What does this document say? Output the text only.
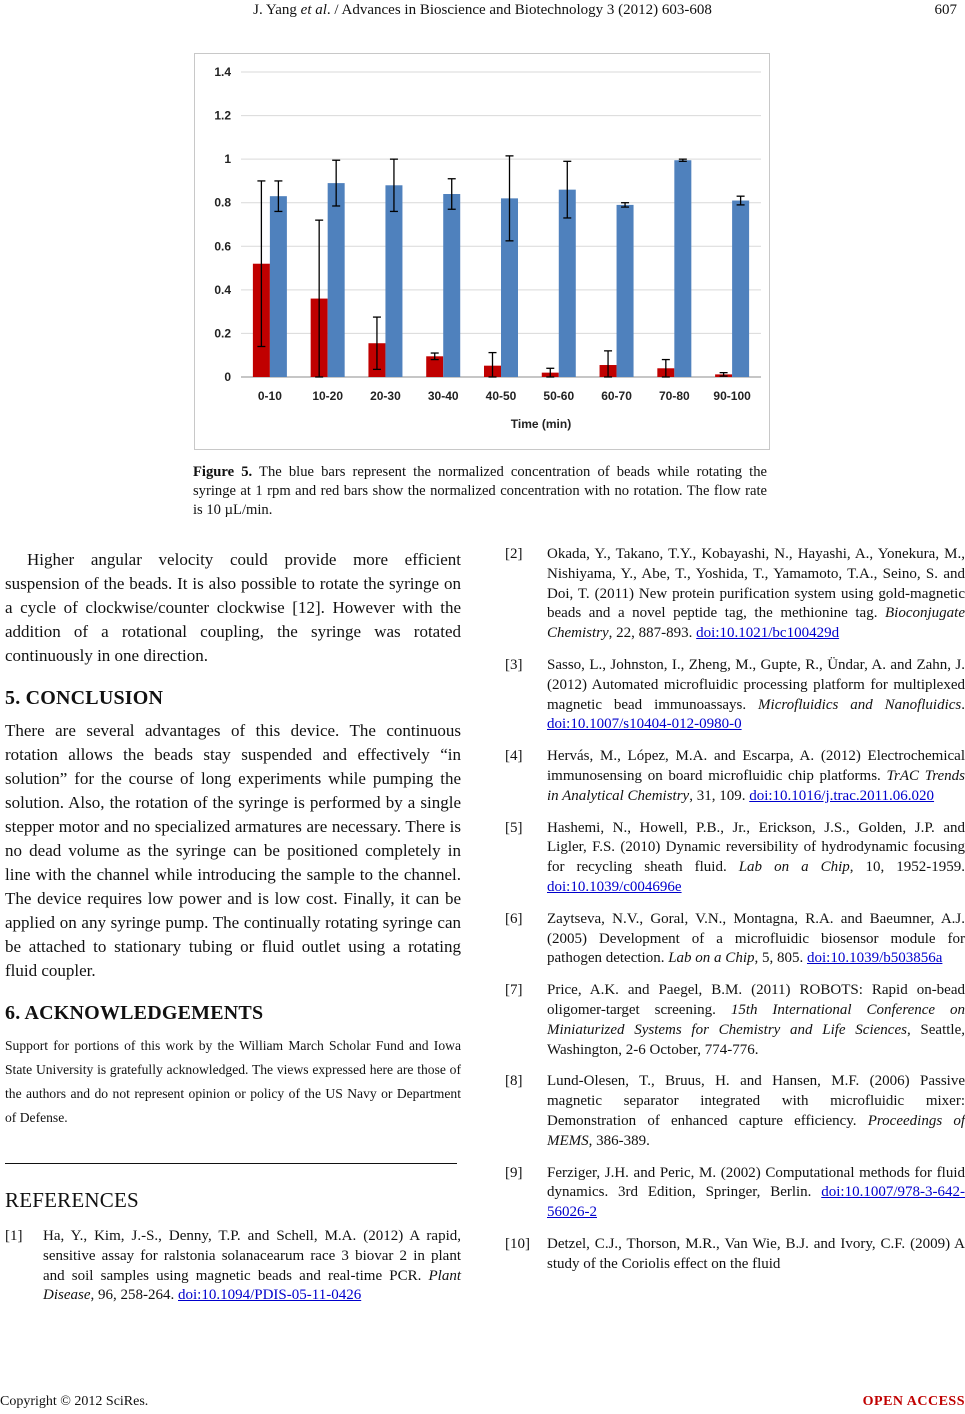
J. Yang et al. / Advances in Bioscience and Biotechnology 3 (2012) 603-608	607
0
0.2
0.4
0.6
0.8
1
1.2
1.4
0-10	10-20 20-30 30-40 40-50 50-60 60-70 70-80 90-100
Time (min)
Figure 5. The blue bars represent the normalized concentration of beads while rotating the syringe at 1 rpm and red bars show the normalized concentration with no rotation. The flow rate is 10 µL/min.

Higher angular velocity could provide more efficient suspension of the beads. It is also possible to rotate the syringe on a cycle of clockwise/counter clockwise [12]. However with the addition of a rotational coupling, the syringe was rotated continuously in one direction.

5. CONCLUSION

There are several advantages of this device. The continuous rotation allows the beads stay suspended and effectively “in solution” for the course of long experiments while pumping the solution. Also, the rotation of the syringe is performed by a single stepper motor and no specialized armatures are necessary. There is no dead volume as the syringe can be positioned completely in line with the channel while introducing the sample to the channel. The device requires low power and is low cost. Finally, it can be applied on any syringe pump. The continually rotating syringe can be attached to stationary tubing or fluid outlet using a rotating fluid coupler.

6. ACKNOWLEDGEMENTS

Support for portions of this work by the William March Scholar Fund and Iowa State University is gratefully acknowledged. The views expressed here are those of the authors and do not represent opinion or policy of the US Navy or Department of Defense.

REFERENCES
[1]	Ha, Y., Kim, J.-S., Denny, T.P. and Schell, M.A. (2012) A rapid, sensitive assay for ralstonia solanacearum race 3 biovar 2 in plant and soil samples using magnetic beads and real-time PCR. Plant Disease, 96, 258-264. doi:10.1094/PDIS-05-11-0426
[2]	Okada, Y., Takano, T.Y., Kobayashi, N., Hayashi, A., Yonekura, M., Nishiyama, Y., Abe, T., Yoshida, T., Yamamoto, T.A., Seino, S. and Doi, T. (2011) New protein purification system using gold-magnetic beads and a novel peptide tag, the methionine tag. Bioconjugate Chemistry, 22, 887-893. doi:10.1021/bc100429d
[3]	Sasso, L., Johnston, I., Zheng, M., Gupte, R., Ündar, A. and Zahn, J. (2012) Automated microfluidic processing platform for multiplexed magnetic bead immunoassays. Microfluidics and Nanofluidics. doi:10.1007/s10404-012-0980-0
[4]	Hervás, M., López, M.A. and Escarpa, A. (2012) Electrochemical immunosensing on board microfluidic chip platforms. TrAC Trends in Analytical Chemistry, 31, 109. doi:10.1016/j.trac.2011.06.020
[5]	Hashemi, N., Howell, P.B., Jr., Erickson, J.S., Golden, J.P. and Ligler, F.S. (2010) Dynamic reversibility of hydrodynamic focusing for recycling sheath fluid. Lab on a Chip, 10, 1952-1959. doi:10.1039/c004696e
[6]	Zaytseva, N.V., Goral, V.N., Montagna, R.A. and Baeumner, A.J. (2005) Development of a microfluidic biosensor module for pathogen detection. Lab on a Chip, 5, 805. doi:10.1039/b503856a
[7]	Price, A.K. and Paegel, B.M. (2011) ROBOTS: Rapid on-bead oligomer-target screening. 15th International Conference on Miniaturized Systems for Chemistry and Life Sciences, Seattle, Washington, 2-6 October, 774-776.
[8]	Lund-Olesen, T., Bruus, H. and Hansen, M.F. (2006) Passive magnetic separator integrated with microfluidic mixer: Demonstration of enhanced capture efficiency. Proceedings of MEMS, 386-389.
[9]	Ferziger, J.H. and Peric, M. (2002) Computational methods for fluid dynamics. 3rd Edition, Springer, Berlin. doi:10.1007/978-3-642-56026-2
[10]	Detzel, C.J., Thorson, M.R., Van Wie, B.J. and Ivory, C.F. (2009) A study of the Coriolis effect on the fluid
Copyright © 2012 SciRes.	OPEN ACCESS
